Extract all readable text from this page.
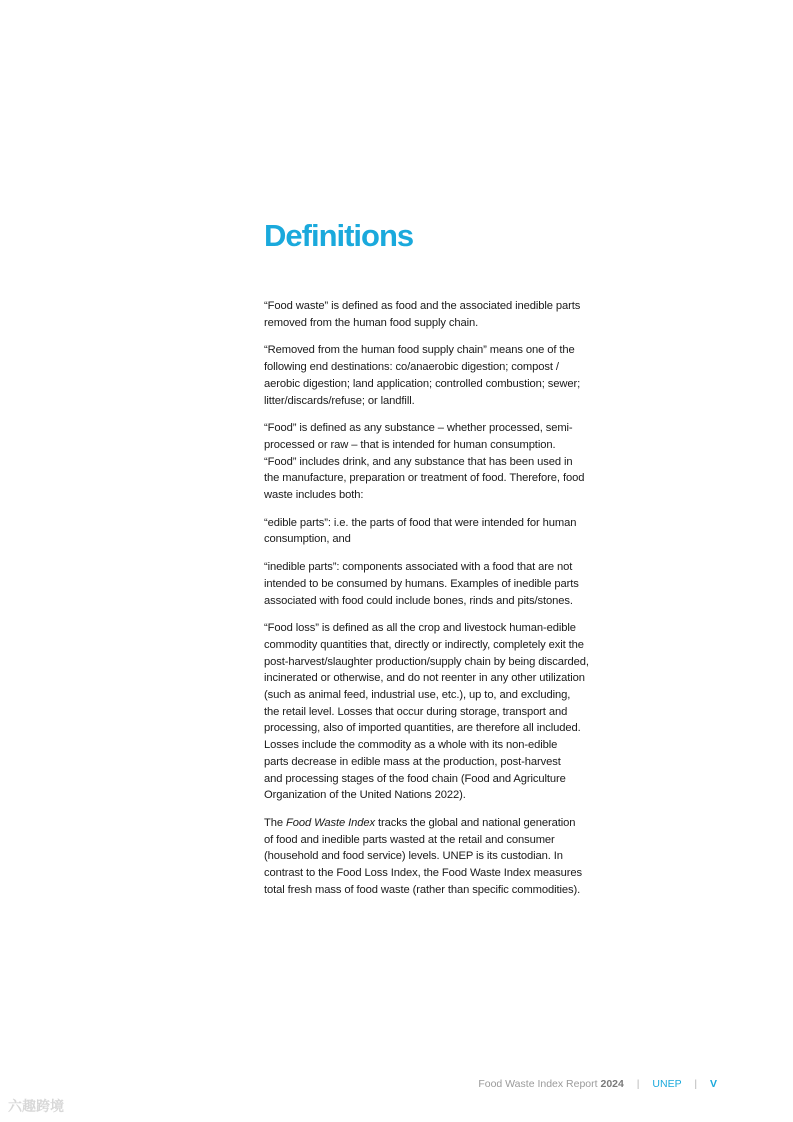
Definitions

“Food waste” is defined as food and the associated inedible parts
removed from the human food supply chain.

“Removed from the human food supply chain” means one of the
following end destinations: co/anaerobic digestion; compost /
aerobic digestion; land application; controlled combustion; sewer;
litter/discards/refuse; or landfill.

“Food” is defined as any substance – whether processed, semi-
processed or raw – that is intended for human consumption.
“Food” includes drink, and any substance that has been used in
the manufacture, preparation or treatment of food. Therefore, food
waste includes both:

“edible parts”: i.e. the parts of food that were intended for human
consumption, and

“inedible parts”: components associated with a food that are not
intended to be consumed by humans. Examples of inedible parts
associated with food could include bones, rinds and pits/stones.

“Food loss” is defined as all the crop and livestock human-edible
commodity quantities that, directly or indirectly, completely exit the
post-harvest/slaughter production/supply chain by being discarded,
incinerated or otherwise, and do not reenter in any other utilization
(such as animal feed, industrial use, etc.), up to, and excluding,
the retail level. Losses that occur during storage, transport and
processing, also of imported quantities, are therefore all included.
Losses include the commodity as a whole with its non-edible
parts decrease in edible mass at the production, post-harvest
and processing stages of the food chain (Food and Agriculture
Organization of the United Nations 2022).

The Food Waste Index tracks the global and national generation
of food and inedible parts wasted at the retail and consumer
(household and food service) levels. UNEP is its custodian. In
contrast to the Food Loss Index, the Food Waste Index measures
total fresh mass of food waste (rather than specific commodities).

Food Waste Index Report 2024 | UNEP | V
六趣跨境
